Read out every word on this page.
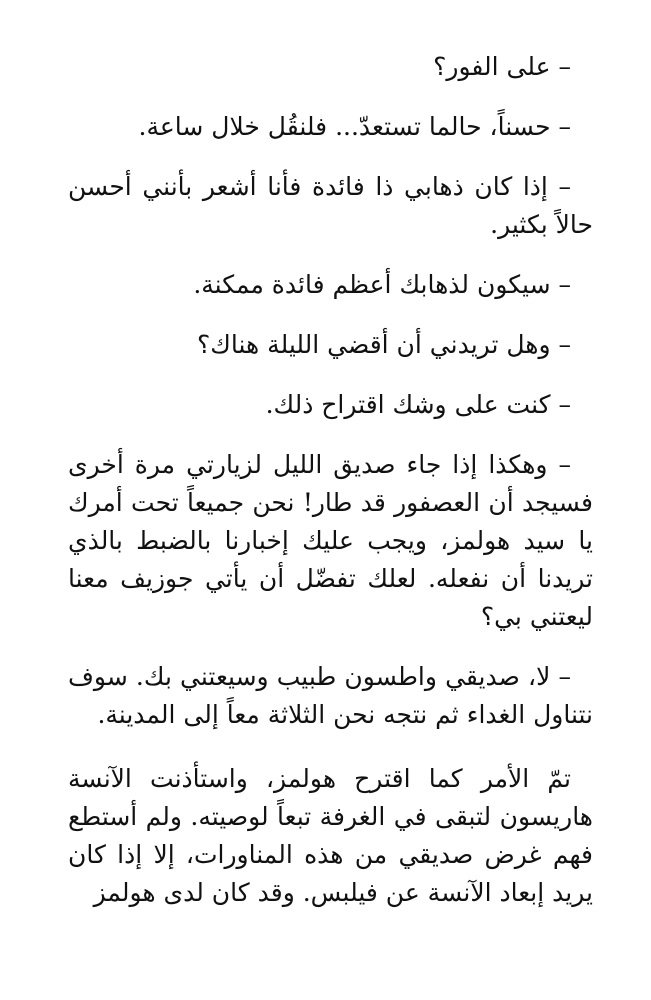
– على الفور؟

– حسناً، حالما تستعدّ... فلنقُل خلال ساعة.

– إذا كان ذهابي ذا فائدة فأنا أشعر بأنني أحسن حالاً بكثير.

– سيكون لذهابك أعظم فائدة ممكنة.

– وهل تريدني أن أقضي الليلة هناك؟

– كنت على وشك اقتراح ذلك.

– وهكذا إذا جاء صديق الليل لزيارتي مرة أخرى فسيجد أن العصفور قد طار! نحن جميعاً تحت أمرك يا سيد هولمز، ويجب عليك إخبارنا بالضبط بالذي تريدنا أن نفعله. لعلك تفضّل أن يأتي جوزيف معنا ليعتني بي؟

– لا، صديقي واطسون طبيب وسيعتني بك. سوف نتناول الغداء ثم نتجه نحن الثلاثة معاً إلى المدينة.

تمّ الأمر كما اقترح هولمز، واستأذنت الآنسة هاريسون لتبقى في الغرفة تبعاً لوصيته. ولم أستطع فهم غرض صديقي من هذه المناورات، إلا إذا كان يريد إبعاد الآنسة عن فيلبس. وقد كان لدى هولمز
